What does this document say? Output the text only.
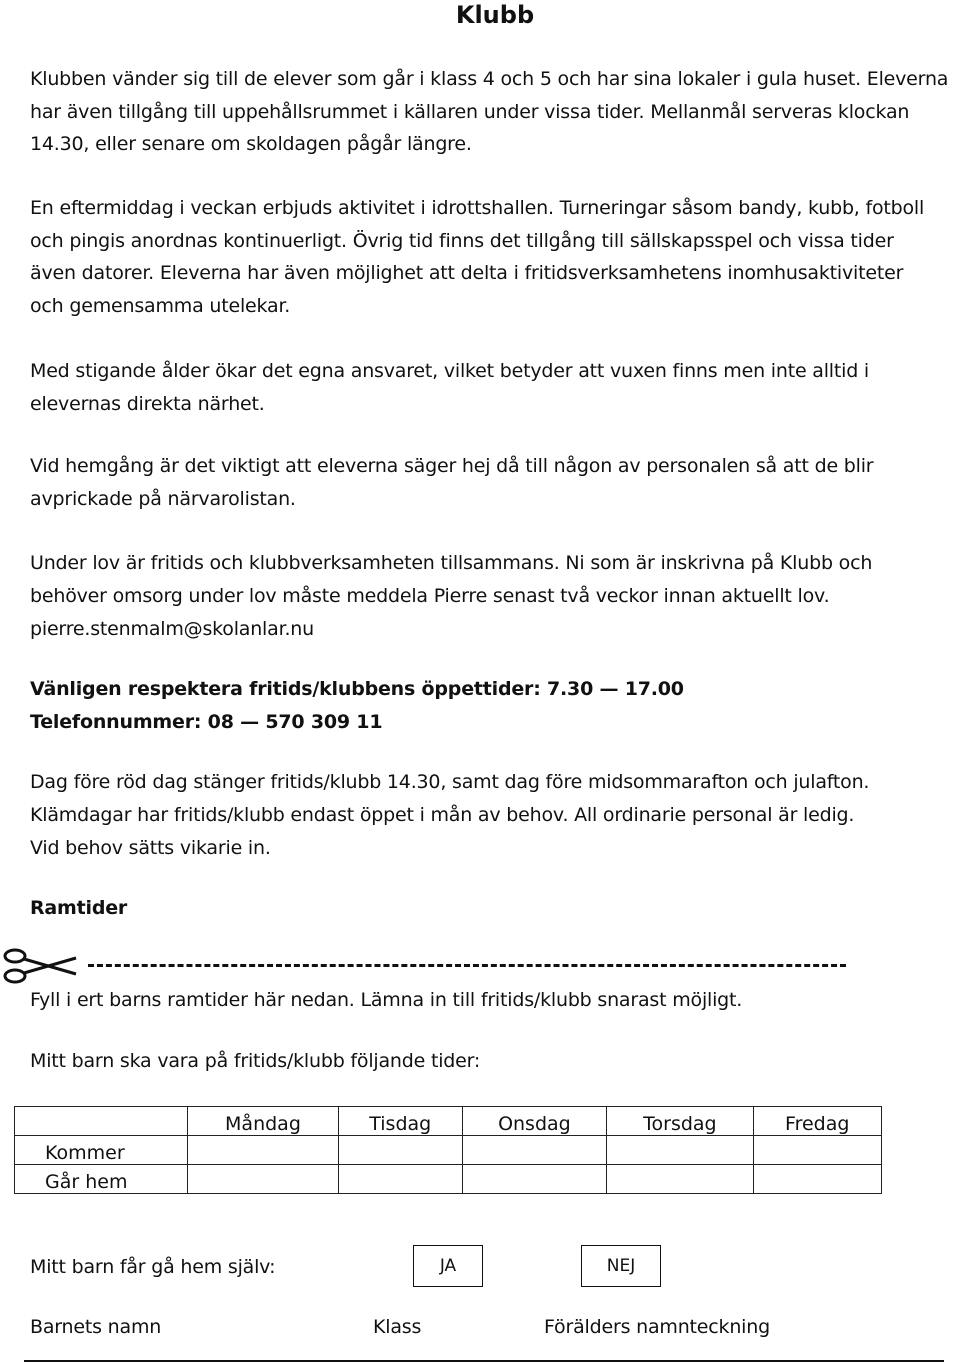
Klubb
Klubben vänder sig till de elever som går i klass 4 och 5 och har sina lokaler i gula huset. Eleverna
har även tillgång till uppehållsrummet i källaren under vissa tider. Mellanmål serveras klockan
14.30, eller senare om skoldagen pågår längre.
En eftermiddag i veckan erbjuds aktivitet i idrottshallen. Turneringar såsom bandy, kubb, fotboll
och pingis anordnas kontinuerligt. Övrig tid finns det tillgång till sällskapsspel och vissa tider
även datorer. Eleverna har även möjlighet att delta i fritidsverksamhetens inomhusaktiviteter
och gemensamma utelekar.
Med stigande ålder ökar det egna ansvaret, vilket betyder att vuxen finns men inte alltid i
elevernas direkta närhet.
Vid hemgång är det viktigt att eleverna säger hej då till någon av personalen så att de blir
avprickade på närvarolistan.
Under lov är fritids och klubbverksamheten tillsammans. Ni som är inskrivna på Klubb och
behöver omsorg under lov måste meddela Pierre senast två veckor innan aktuellt lov.
pierre.stenmalm@skolanlar.nu
Vänligen respektera fritids/klubbens öppettider: 7.30 — 17.00
Telefonnummer: 08 — 570 309 11
Dag före röd dag stänger fritids/klubb 14.30, samt dag före midsommarafton och julafton.
Klämdagar har fritids/klubb endast öppet i mån av behov. All ordinarie personal är ledig.
Vid behov sätts vikarie in.
Ramtider
Fyll i ert barns ramtider här nedan. Lämna in till fritids/klubb snarast möjligt.
Mitt barn ska vara på fritids/klubb följande tider:
	Måndag	Tisdag	Onsdag	Torsdag	Fredag
Kommer					
Går hem					
Mitt barn får gå hem själv:	JA	NEJ
Barnets namn	Klass	Förälders namnteckning
